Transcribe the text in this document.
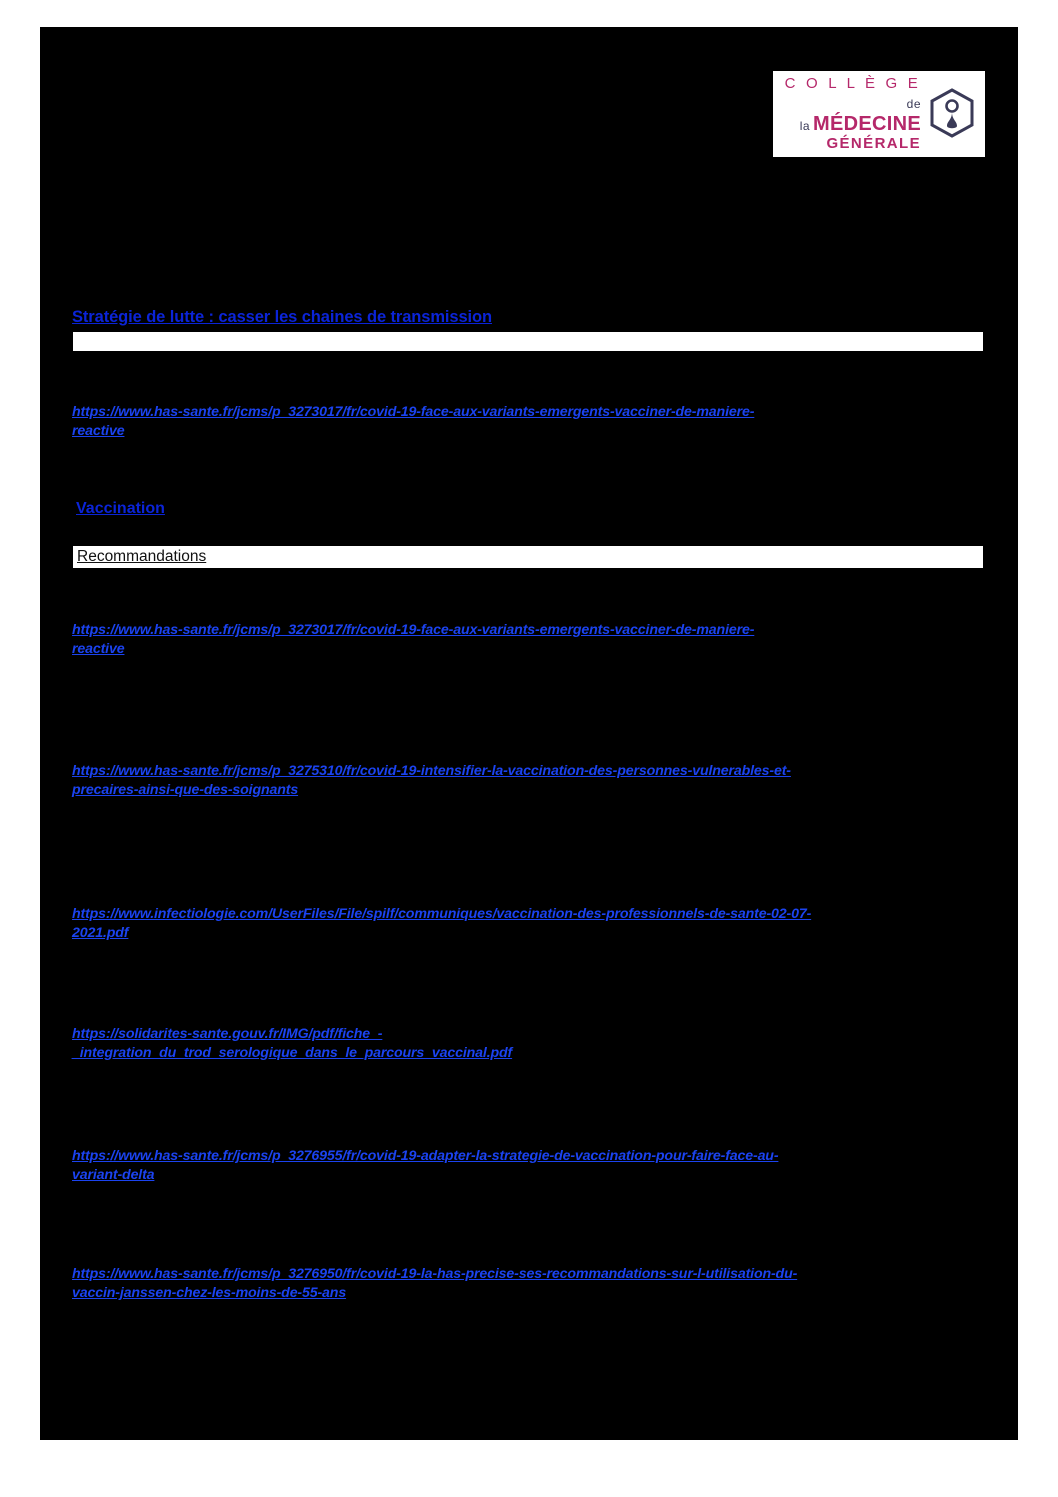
C O L L È G E
de la MÉDECINE
GÉNÉRALE
Stratégie de lutte : casser les chaines de transmission
https://www.has-sante.fr/jcms/p_3273017/fr/covid-19-face-aux-variants-emergents-vacciner-de-maniere-
reactive
Vaccination
Recommandations
https://www.has-sante.fr/jcms/p_3273017/fr/covid-19-face-aux-variants-emergents-vacciner-de-maniere-
reactive
https://www.has-sante.fr/jcms/p_3275310/fr/covid-19-intensifier-la-vaccination-des-personnes-vulnerables-et-
precaires-ainsi-que-des-soignants
https://www.infectiologie.com/UserFiles/File/spilf/communiques/vaccination-des-professionnels-de-sante-02-07-
2021.pdf
https://solidarites-sante.gouv.fr/IMG/pdf/fiche_-
_integration_du_trod_serologique_dans_le_parcours_vaccinal.pdf
https://www.has-sante.fr/jcms/p_3276955/fr/covid-19-adapter-la-strategie-de-vaccination-pour-faire-face-au-
variant-delta
https://www.has-sante.fr/jcms/p_3276950/fr/covid-19-la-has-precise-ses-recommandations-sur-l-utilisation-du-
vaccin-janssen-chez-les-moins-de-55-ans
